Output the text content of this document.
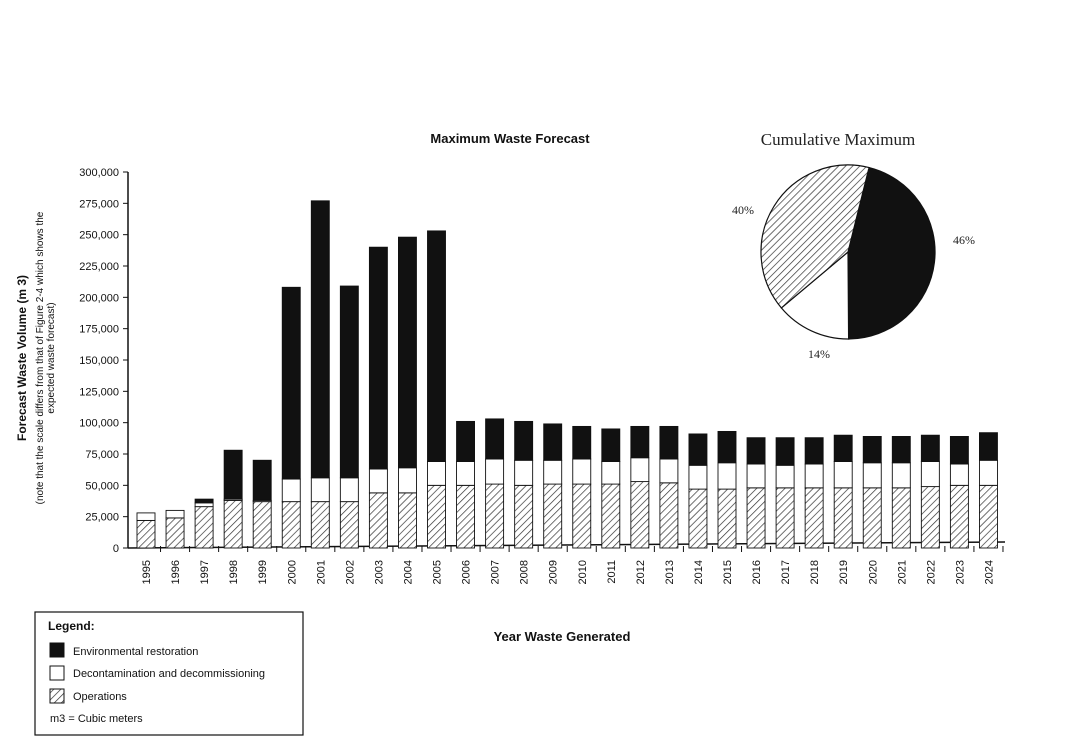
Maximum Waste Forecast
Forecast Waste Volume (m 3) (note that the scale differs from that of Figure 2-4 which shows the expected waste forecast)
0
25,000
50,000
75,000
100,000
125,000
150,000
175,000
200,000
225,000
250,000
275,000
300,000
1995 1996 1997 1998 1999 2000 2001 2002 2003 2004 2005 2006 2007 2008 2009 2010 2011 2012 2013 2014 2015 2016 2017 2018 2019 2020 2021 2022 2023 2024
Year Waste Generated
Cumulative Maximum
46%
14%
40%
Legend:
Environmental restoration
Decontamination and decommissioning
Operations
m3 = Cubic meters
